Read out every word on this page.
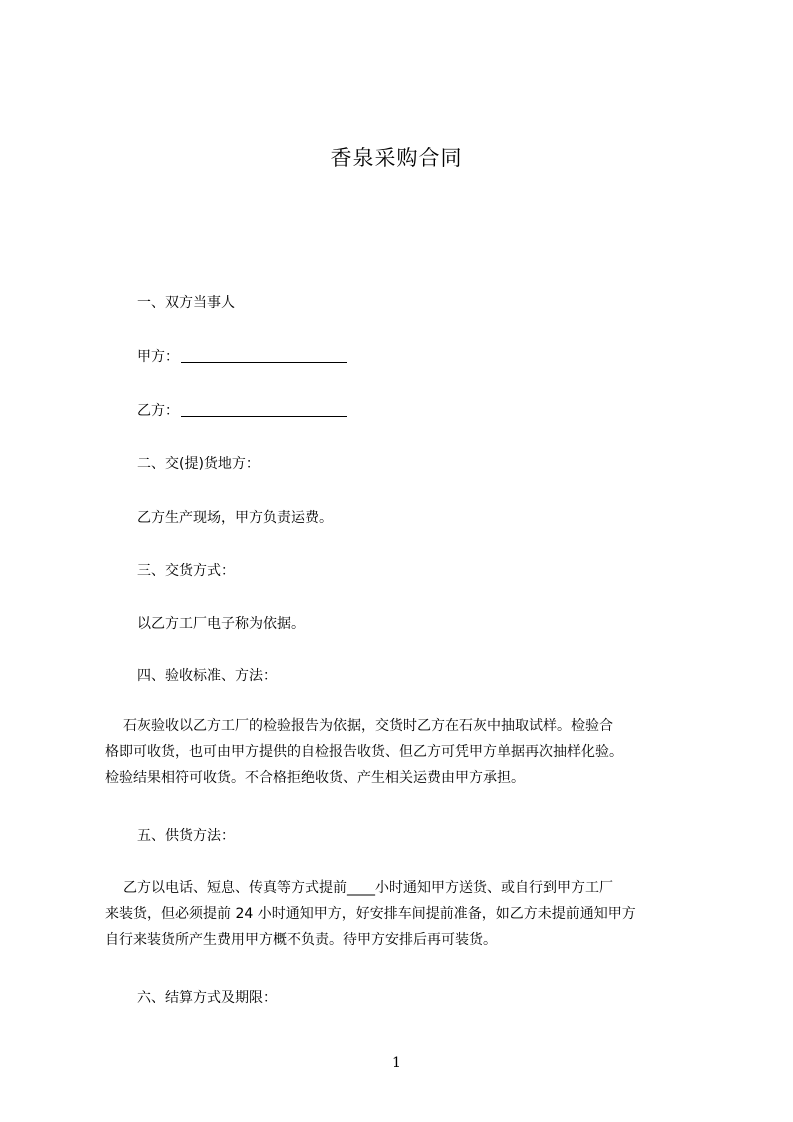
香泉采购合同
一、双方当事人
甲方：
乙方：
二、交(提)货地方：
乙方生产现场，甲方负责运费。
三、交货方式：
以乙方工厂电子称为依据。
四、验收标准、方法：
　石灰验收以乙方工厂的检验报告为依据，交货时乙方在石灰中抽取试样。检验合
格即可收货，也可由甲方提供的自检报告收货、但乙方可凭甲方单据再次抽样化验。
检验结果相符可收货。不合格拒绝收货、产生相关运费由甲方承担。
五、供货方法：
　乙方以电话、短息、传真等方式提前____小时通知甲方送货、或自行到甲方工厂
来装货，但必须提前 24 小时通知甲方，好安排车间提前准备，如乙方未提前通知甲方
自行来装货所产生费用甲方概不负责。待甲方安排后再可装货。
六、结算方式及期限：
1
